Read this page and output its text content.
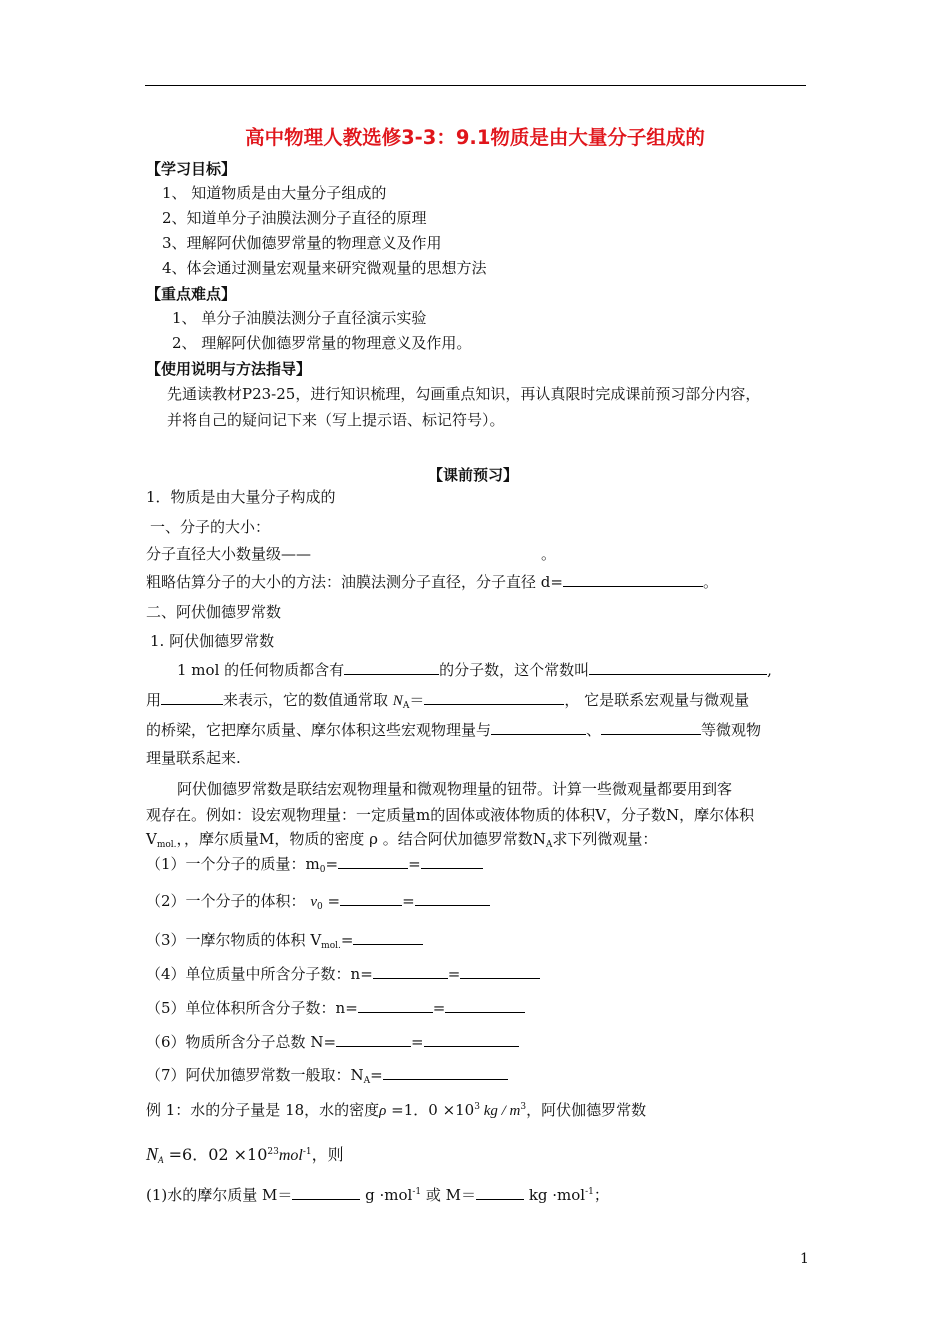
高中物理人教选修3-3：9.1物质是由大量分子组成的
【学习目标】
1、 知道物质是由大量分子组成的
2、知道单分子油膜法测分子直径的原理
3、理解阿伏伽德罗常量的物理意义及作用
4、体会通过测量宏观量来研究微观量的思想方法
【重点难点】
1、 单分子油膜法测分子直径演示实验
2、 理解阿伏伽德罗常量的物理意义及作用。
【使用说明与方法指导】
先通读教材P23-25，进行知识梳理，勾画重点知识，再认真限时完成课前预习部分内容，
并将自己的疑问记下来（写上提示语、标记符号）。
【课前预习】
1．物质是由大量分子构成的
一、分子的大小：
分子直径大小数量级——	。
粗略估算分子的大小的方法：油膜法测分子直径，分子直径 d=	。
二、阿伏伽德罗常数
1. 阿伏伽德罗常数
1 mol 的任何物质都含有	的分子数，这个常数叫	,
用	来表示，它的数值通常取 $N_A=$	， 它是联系宏观量与微观量
的桥梁，它把摩尔质量、摩尔体积这些宏观物理量与	、	等微观物
理量联系起来.
阿伏伽德罗常数是联结宏观物理量和微观物理量的钮带。计算一些微观量都要用到客
观存在。例如：设宏观物理量：一定质量m的固体或液体物质的体积V，分子数N，摩尔体积
$V_{mol.}$，，摩尔质量M，物质的密度 ρ 。结合阿伏加德罗常数$N_A$求下列微观量：
（1）一个分子的质量：$m_0=$	=
（2）一个分子的体积： $v_0$ =	=
（3）一摩尔物质的体积 $V_{mol.}=$
（4）单位质量中所含分子数：n=	=
（5）单位体积所含分子数：n=	=
（6）物质所含分子总数 N=	=
（7）阿伏加德罗常数一般取：$N_A=$
例 1：水的分子量是 18，水的密度ρ =1．$0 \times 10^3$ kg / $m^3$，阿伏伽德罗常数
NA =6．$02 \times 10^{23}mol^{-1}$，则
(1)水的摩尔质量 M＝	g ·mol$^{-1}$ 或 M＝	kg ·mol$^{-1}$；
1
